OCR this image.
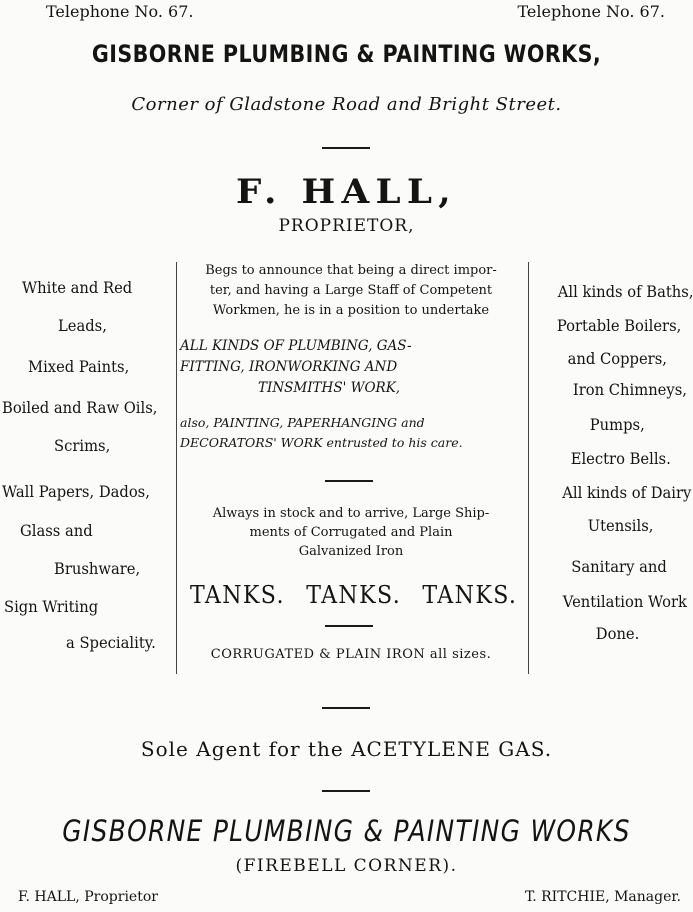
Telephone No. 67.	Telephone No. 67.
GISBORNE PLUMBING & PAINTING WORKS,
Corner of Gladstone Road and Bright Street.
F. HALL,
PROPRIETOR,
White and Red
Leads,
Mixed Paints,
Boiled and Raw Oils,
Scrims,
Wall Papers, Dados,
Glass and
Brushware,
Sign Writing
a Speciality.
Begs to announce that being a direct impor-
ter, and having a Large Staff of Competent
Workmen, he is in a position to undertake
ALL KINDS OF PLUMBING, GAS-
FITTING, IRONWORKING AND
TINSMITHS' WORK,
also, PAINTING, PAPERHANGING and
DECORATORS' WORK entrusted to his care.
Always in stock and to arrive, Large Ship-
ments of Corrugated and Plain
Galvanized Iron
TANKS. TANKS. TANKS.
CORRUGATED & PLAIN IRON all sizes.
All kinds of Baths,
Portable Boilers,
and Coppers,
Iron Chimneys,
Pumps,
Electro Bells.
All kinds of Dairy
Utensils,
Sanitary and
Ventilation Work
Done.
Sole Agent for the ACETYLENE GAS.
GISBORNE PLUMBING & PAINTING WORKS
(FIREBELL CORNER).
F. HALL, Proprietor	T. RITCHIE, Manager.
